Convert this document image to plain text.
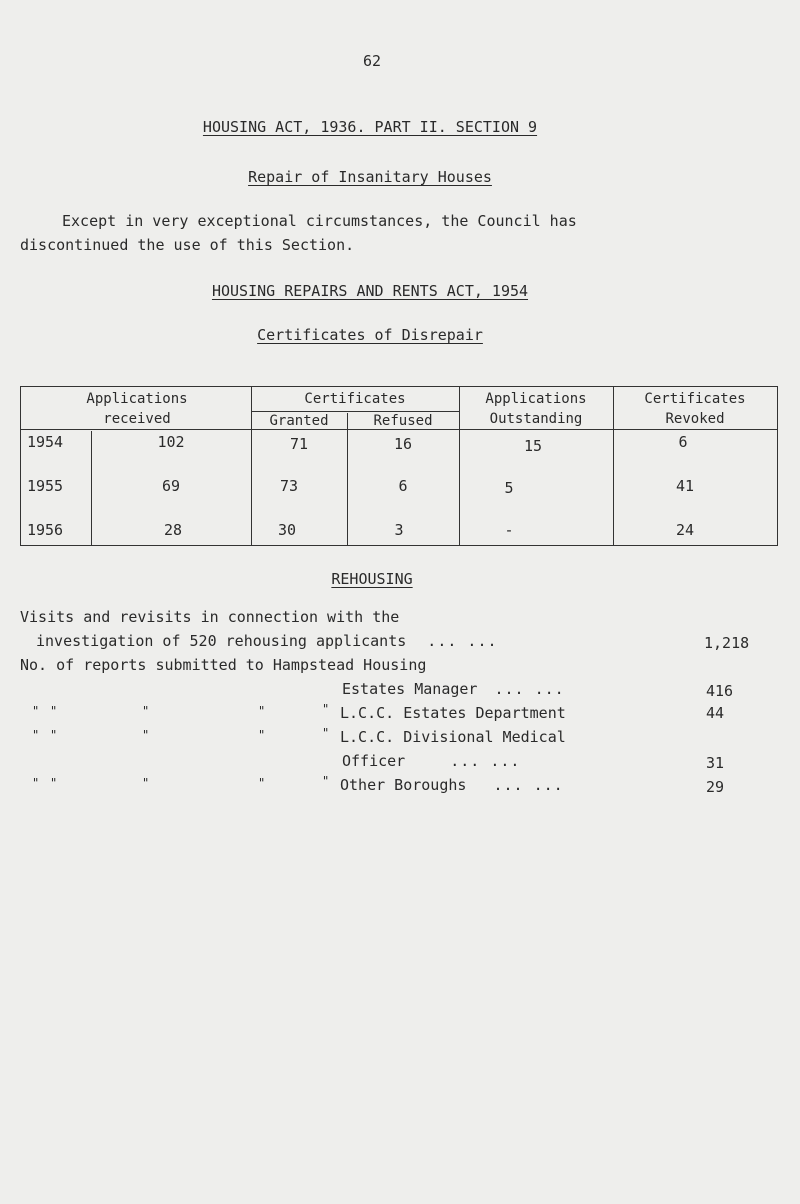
62
HOUSING ACT, 1936. PART II. SECTION 9
Repair of Insanitary Houses
Except in very exceptional circumstances, the Council has
discontinued the use of this Section.
HOUSING REPAIRS AND RENTS ACT, 1954
Certificates of Disrepair
Applications
received
Certificates
Granted	Refused
Applications
Outstanding
Certificates
Revoked
1954	102	71	16	15	6
1955	69	73	6	5	41
1956	28	30	3	-	24
REHOUSING
Visits and revisits in connection with the
investigation of 520 rehousing applicants ... ...	1,218
No. of reports submitted to Hampstead Housing
Estates Manager ... ...	416
" "	"	"	" L.C.C. Estates Department	44
" "	"	"	" L.C.C. Divisional Medical
Officer	... ...	31
" "	"	"	" Other Boroughs ... ...	29
